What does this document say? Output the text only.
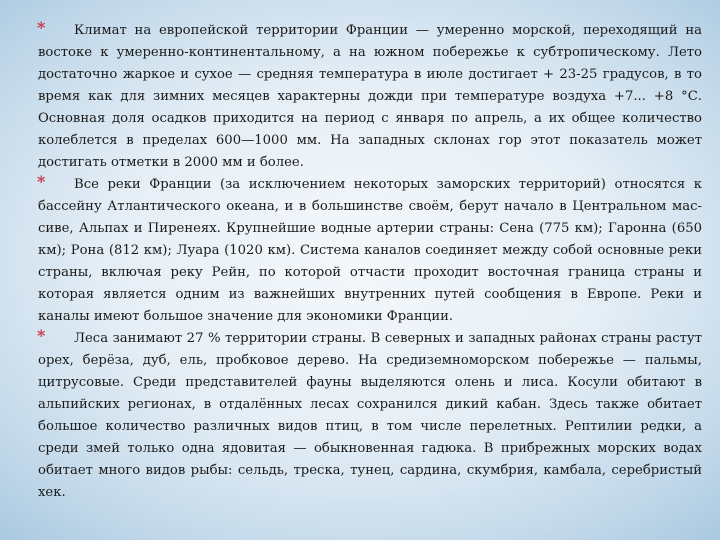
* Климат на европейской территории Франции — умеренно морской, переходящий на востоке к умеренно-континентальному, а на южном побережье к субтропическому. Лето достаточно жаркое и сухое — средняя температура в июле достигает + 23-25 градусов, в то время как для зимних месяцев характерны дожди при температуре воздуха +7... +8 °С. Основная доля осадков приходится на период с января по апрель, а их общее количество колеблется в пределах 600—1000 мм. На западных склонах гор этот показатель может достигать отметки в 2000 мм и более.

* Все реки Франции (за исключением некоторых заморских территорий) относятся к бассейну Атлантического океана, и в большинстве своём, берут начало в Центральном мас-сиве, Альпах и Пиренеях. Крупнейшие водные артерии страны: Сена (775 км); Гаронна (650 км); Рона (812 км); Луара (1020 км). Система каналов соединяет между собой основные реки страны, включая реку Рейн, по которой отчасти проходит восточная граница страны и которая является одним из важнейших внутренних путей сообщения в Европе. Реки и каналы имеют большое значение для экономики Франции.

* Леса занимают 27 % территории страны. В северных и западных районах страны растут орех, берёза, дуб, ель, пробковое дерево. На средиземноморском побережье — пальмы, цитрусовые. Среди представителей фауны выделяются олень и лиса. Косули обитают в альпийских регионах, в отдалённых лесах сохранился дикий кабан. Здесь также обитает большое количество различных видов птиц, в том числе перелетных. Рептилии редки, а среди змей только одна ядовитая — обыкновенная гадюка. В прибрежных морских водах обитает много видов рыбы: сельдь, треска, тунец, сардина, скумбрия, камбала, серебристый хек.
